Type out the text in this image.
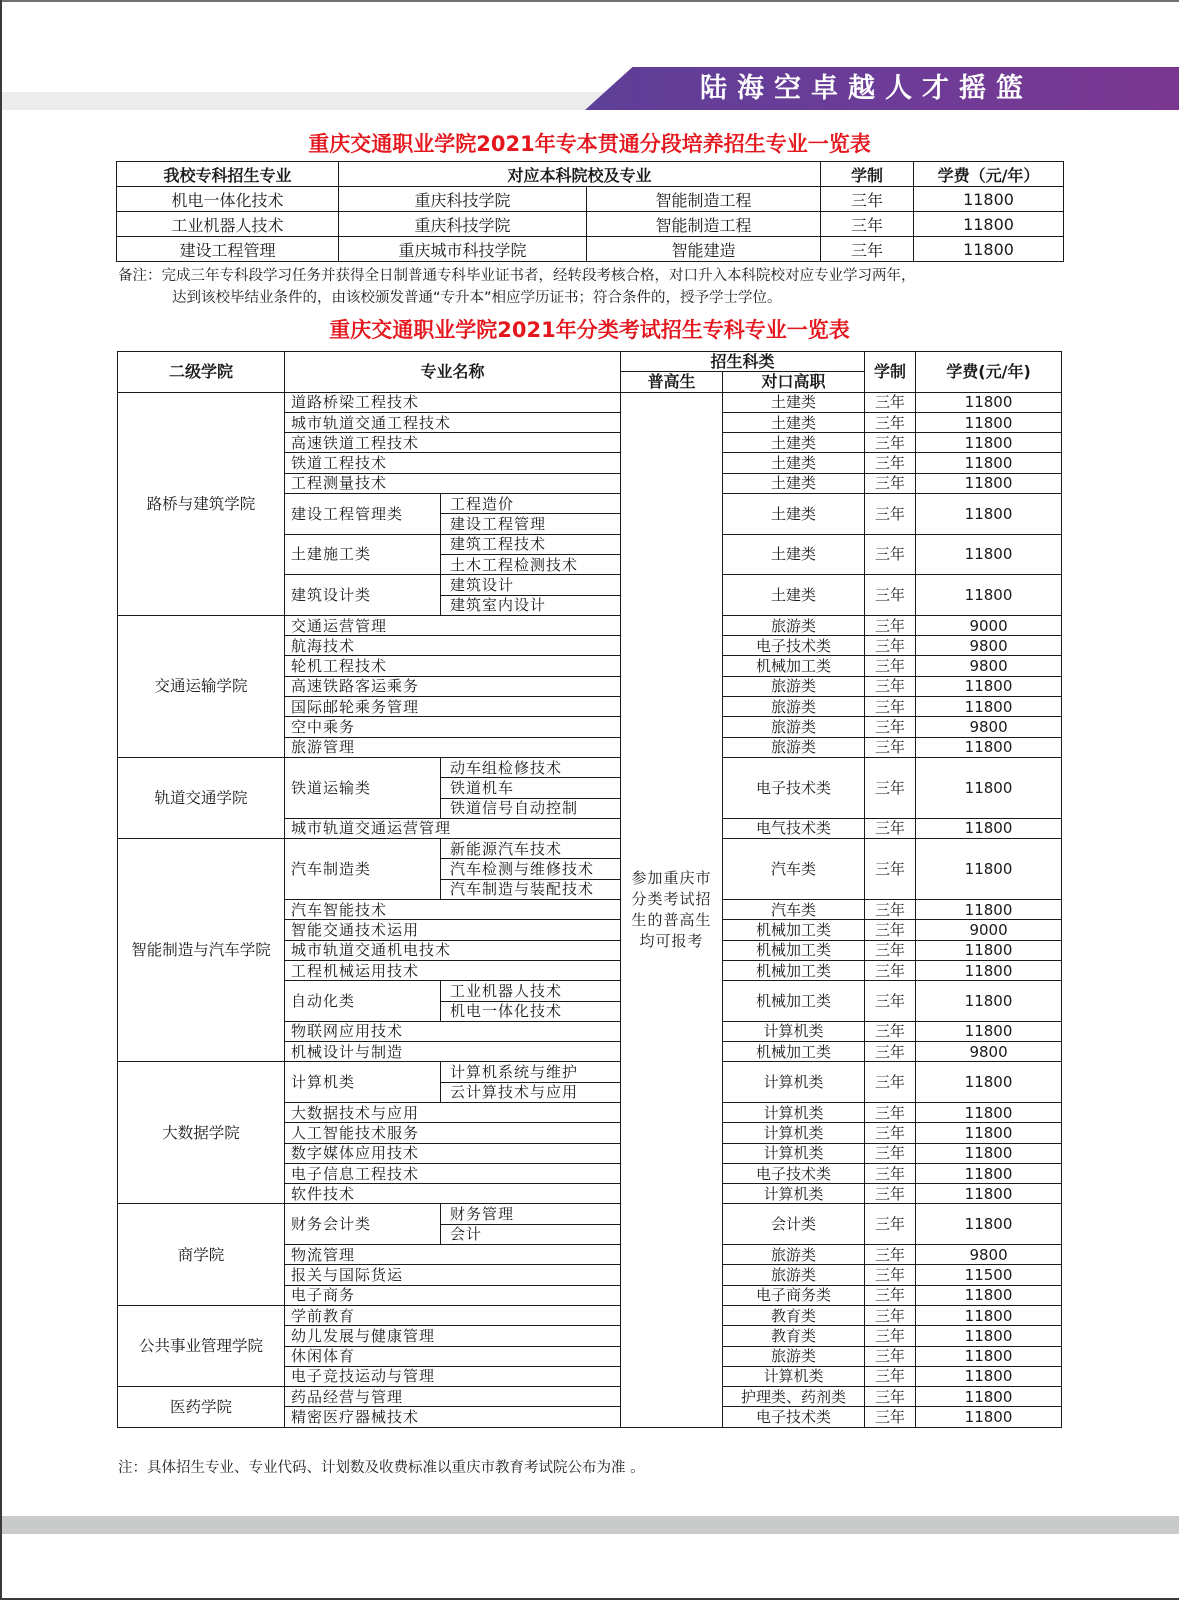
陆海空卓越人才摇篮
重庆交通职业学院2021年专本贯通分段培养招生专业一览表
我校专科招生专业	对应本科院校及专业		学制	学费（元/年）
机电一体化技术	重庆科技学院	智能制造工程	三年	11800
工业机器人技术	重庆科技学院	智能制造工程	三年	11800
建设工程管理	重庆城市科技学院	智能建造	三年	11800
备注：完成三年专科段学习任务并获得全日制普通专科毕业证书者，经转段考核合格，对口升入本科院校对应专业学习两年，
达到该校毕结业条件的，由该校颁发普通“专升本”相应学历证书；符合条件的，授予学士学位。
重庆交通职业学院2021年分类考试招生专科专业一览表
二级学院	专业名称		招生科类		学制	学费(元/年)
			普高生	对口高职		
路桥与建筑学院	道路桥梁工程技术		参加重庆市分类考试招生的普高生均可报考	土建类	三年	11800
	城市轨道交通工程技术			土建类	三年	11800
	高速铁道工程技术			土建类	三年	11800
	铁道工程技术			土建类	三年	11800
	工程测量技术			土建类	三年	11800
	建设工程管理类	工程造价		土建类	三年	11800
		建设工程管理				
	土建施工类	建筑工程技术		土建类	三年	11800
		土木工程检测技术				
	建筑设计类	建筑设计		土建类	三年	11800
		建筑室内设计				
交通运输学院	交通运营管理			旅游类	三年	9000
	航海技术			电子技术类	三年	9800
	轮机工程技术			机械加工类	三年	9800
	高速铁路客运乘务			旅游类	三年	11800
	国际邮轮乘务管理			旅游类	三年	11800
	空中乘务			旅游类	三年	9800
	旅游管理			旅游类	三年	11800
轨道交通学院	铁道运输类	动车组检修技术		电子技术类	三年	11800
		铁道机车				
		铁道信号自动控制				
	城市轨道交通运营管理			电气技术类	三年	11800
智能制造与汽车学院	汽车制造类	新能源汽车技术		汽车类	三年	11800
		汽车检测与维修技术				
		汽车制造与装配技术				
	汽车智能技术			汽车类	三年	11800
	智能交通技术运用			机械加工类	三年	9000
	城市轨道交通机电技术			机械加工类	三年	11800
	工程机械运用技术			机械加工类	三年	11800
	自动化类	工业机器人技术		机械加工类	三年	11800
		机电一体化技术				
	物联网应用技术			计算机类	三年	11800
	机械设计与制造			机械加工类	三年	9800
大数据学院	计算机类	计算机系统与维护		计算机类	三年	11800
		云计算技术与应用				
	大数据技术与应用			计算机类	三年	11800
	人工智能技术服务			计算机类	三年	11800
	数字媒体应用技术			计算机类	三年	11800
	电子信息工程技术			电子技术类	三年	11800
	软件技术			计算机类	三年	11800
商学院	财务会计类	财务管理		会计类	三年	11800
		会计				
	物流管理			旅游类	三年	9800
	报关与国际货运			旅游类	三年	11500
	电子商务			电子商务类	三年	11800
公共事业管理学院	学前教育			教育类	三年	11800
	幼儿发展与健康管理			教育类	三年	11800
	休闲体育			旅游类	三年	11800
	电子竞技运动与管理			计算机类	三年	11800
医药学院	药品经营与管理			护理类、药剂类	三年	11800
	精密医疗器械技术			电子技术类	三年	11800
注：具体招生专业、专业代码、计划数及收费标准以重庆市教育考试院公布为准 。
